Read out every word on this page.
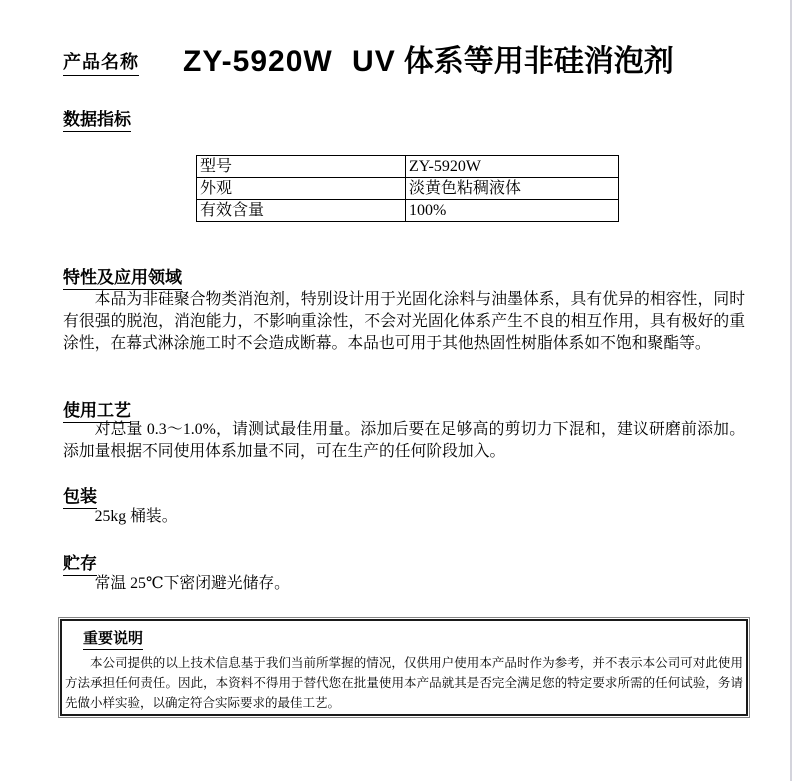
产品名称 ZY-5920W UV 体系等用非硅消泡剂
数据指标
型号	ZY-5920W
外观	淡黄色粘稠液体
有效含量	100%
特性及应用领域
本品为非硅聚合物类消泡剂，特别设计用于光固化涂料与油墨体系，具有优异的相容性，同时有很强的脱泡，消泡能力，不影响重涂性，不会对光固化体系产生不良的相互作用，具有极好的重涂性，在幕式淋涂施工时不会造成断幕。本品也可用于其他热固性树脂体系如不饱和聚酯等。
使用工艺
对总量 0.3～1.0%，请测试最佳用量。添加后要在足够高的剪切力下混和，建议研磨前添加。添加量根据不同使用体系加量不同，可在生产的任何阶段加入。
包装
25kg 桶装。
贮存
常温 25℃下密闭避光储存。
重要说明
本公司提供的以上技术信息基于我们当前所掌握的情况，仅供用户使用本产品时作为参考，并不表示本公司可对此使用方法承担任何责任。因此，本资料不得用于替代您在批量使用本产品就其是否完全满足您的特定要求所需的任何试验，务请先做小样实验，以确定符合实际要求的最佳工艺。
